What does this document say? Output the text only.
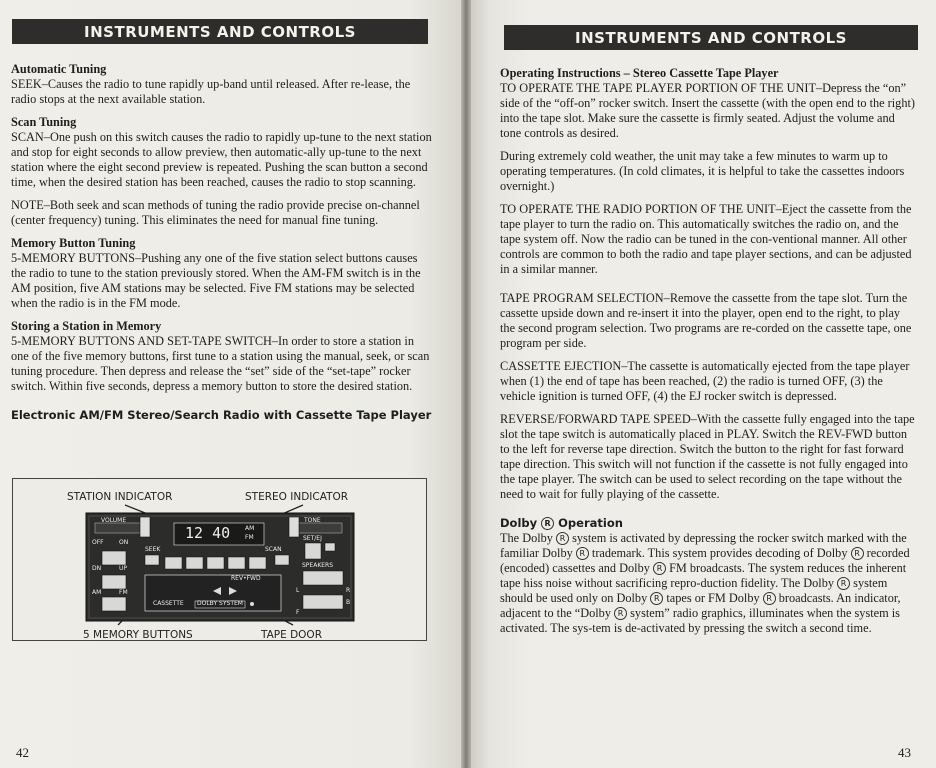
INSTRUMENTS AND CONTROLS
Automatic Tuning

SEEK–Causes the radio to tune rapidly up-band until released. After re-lease, the radio stops at the next available station.

Scan Tuning

SCAN–One push on this switch causes the radio to rapidly up-tune to the next station and stop for eight seconds to allow preview, then automatic-ally up-tune to the next station where the eight second preview is repeated. Pushing the scan button a second time, when the desired station has been reached, causes the radio to stop scanning.

NOTE–Both seek and scan methods of tuning the radio provide precise on-channel (center frequency) tuning. This eliminates the need for manual fine tuning.

Memory Button Tuning

5-MEMORY BUTTONS–Pushing any one of the five station select buttons causes the radio to tune to the station previously stored. When the AM-FM switch is in the AM position, five AM stations may be selected. Five FM stations may be selected when the radio is in the FM mode.

Storing a Station in Memory

5-MEMORY BUTTONS AND SET-TAPE SWITCH–In order to store a station in one of the five memory buttons, first tune to a station using the manual, seek, or scan tuning procedure. Then depress and release the “set” side of the “set-tape” rocker switch. Within five seconds, depress a memory button to store the desired station.

Electronic AM/FM Stereo/Search Radio with Cassette Tape Player
STATION INDICATOR	STEREO INDICATOR
5 MEMORY BUTTONS	TAPE DOOR
VOLUME	TONE
OFF	ON
DN	UP
AM	FM
SEEK	SCAN
SET/EJ
SPEAKERS
REV•FWD
CASSETTE DOLBY SYSTEM
12 40 AM
FM
L	R
F
B
42
INSTRUMENTS AND CONTROLS
Operating Instructions – Stereo Cassette Tape Player

TO OPERATE THE TAPE PLAYER PORTION OF THE UNIT–Depress the “on” side of the “off-on” rocker switch. Insert the cassette (with the open end to the right) into the tape slot. Make sure the cassette is firmly seated. Adjust the volume and tone controls as desired.

During extremely cold weather, the unit may take a few minutes to warm up to operating temperatures. (In cold climates, it is helpful to take the cassettes indoors overnight.)

TO OPERATE THE RADIO PORTION OF THE UNIT–Eject the cassette from the tape player to turn the radio on. This automatically switches the radio on, and the tape system off. Now the radio can be tuned in the con-ventional manner. All other controls are common to both the radio and tape player sections, and can be adjusted in a similar manner.

TAPE PROGRAM SELECTION–Remove the cassette from the tape slot. Turn the cassette upside down and re-insert it into the player, open end to the right, to play the second program selection. Two programs are re-corded on the cassette tape, one program per side.

CASSETTE EJECTION–The cassette is automatically ejected from the tape player when (1) the end of tape has been reached, (2) the radio is turned OFF, (3) the vehicle ignition is turned OFF, (4) the EJ rocker switch is depressed.

REVERSE/FORWARD TAPE SPEED–With the cassette fully engaged into the tape slot the tape switch is automatically placed in PLAY. Switch the REV-FWD button to the left for reverse tape direction. Switch the button to the right for fast forward tape direction. This switch will not function if the cassette is not fully engaged into the tape player. The switch can be used to select recording on the tape without the need to wait for fully playing of the cassette.

Dolby R Operation

The Dolby R system is activated by depressing the rocker switch marked with the familiar Dolby R trademark. This system provides decoding of Dolby R recorded (encoded) cassettes and Dolby R FM broadcasts. The system reduces the inherent tape hiss noise without sacrificing repro-duction fidelity. The Dolby R system should be used only on Dolby R tapes or FM Dolby R broadcasts. An indicator, adjacent to the “Dolby R system” radio graphics, illuminates when the system is activated. The sys-tem is de-activated by pressing the switch a second time.

43
